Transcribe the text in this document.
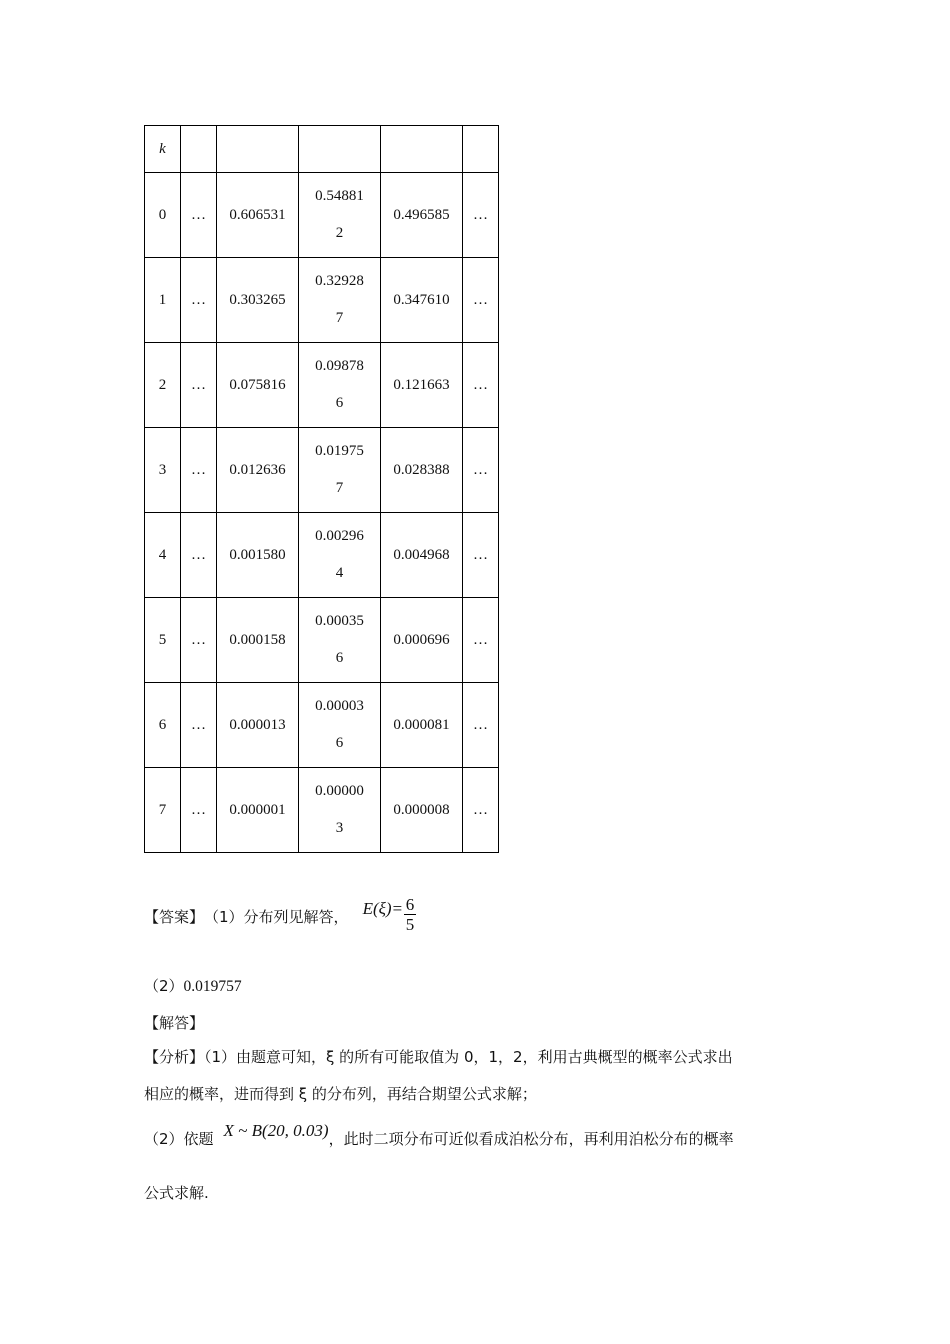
k					
0	…	0.606531	0.548812	0.496585	…
1	…	0.303265	0.329287	0.347610	…
2	…	0.075816	0.098786	0.121663	…
3	…	0.012636	0.019757	0.028388	…
4	…	0.001580	0.002964	0.004968	…
5	…	0.000158	0.000356	0.000696	…
6	…	0.000013	0.000036	0.000081	…
7	…	0.000001	0.000003	0.000008	…
【答案】 （1）分布列见解答， $E(\xi)= \frac{6}{5}$
（2）0.019757
【解答】
【分析】（1）由题意可知，ξ 的所有可能取值为 0，1，2，利用古典概型的概率公式求出
相应的概率，进而得到 ξ 的分布列，再结合期望公式求解；
（2）依题 X ~ B(20, 0.03) ，此时二项分布可近似看成泊松分布，再利用泊松分布的概率
公式求解.
